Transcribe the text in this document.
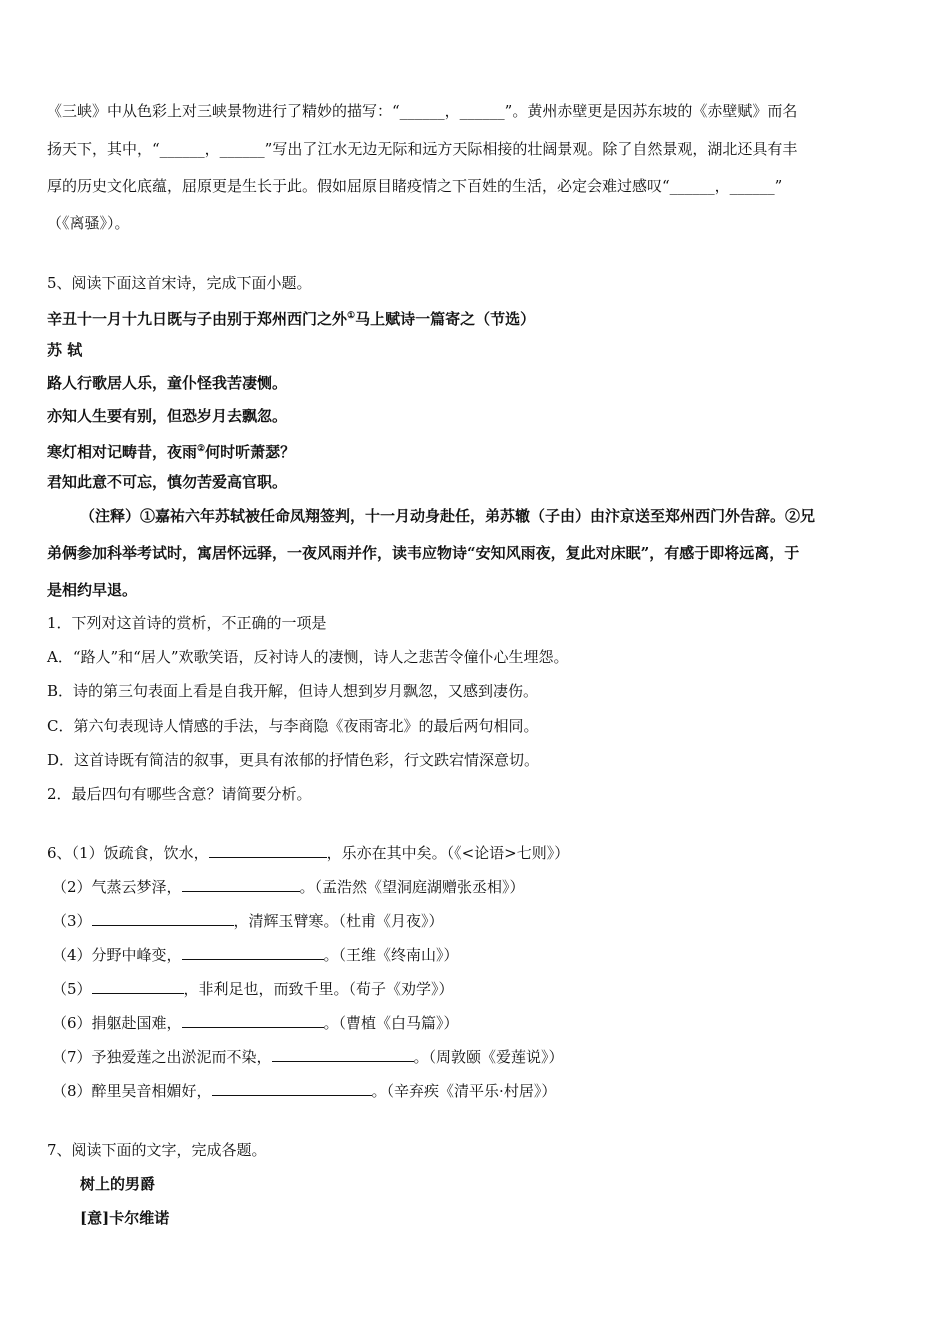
《三峡》中从色彩上对三峡景物进行了精妙的描写：“______，______”。黄州赤壁更是因苏东坡的《赤壁赋》而名
扬天下，其中，“______，______”写出了江水无边无际和远方天际相接的壮阔景观。除了自然景观，湖北还具有丰
厚的历史文化底蕴，屈原更是生长于此。假如屈原目睹疫情之下百姓的生活，必定会难过感叹“______，______”
（《离骚》）。
5、阅读下面这首宋诗，完成下面小题。
辛丑十一月十九日既与子由别于郑州西门之外①马上赋诗一篇寄之（节选）
苏 轼
路人行歌居人乐，童仆怪我苦凄恻。
亦知人生要有别，但恐岁月去飘忽。
寒灯相对记畴昔，夜雨②何时听萧瑟？
君知此意不可忘，慎勿苦爱高官职。
（注释）①嘉祐六年苏轼被任命凤翔签判，十一月动身赴任，弟苏辙（子由）由汴京送至郑州西门外告辞。②兄
弟俩参加科举考试时，寓居怀远驿，一夜风雨并作，读韦应物诗“安知风雨夜，复此对床眠”，有感于即将远离，于
是相约早退。
1．下列对这首诗的赏析，不正确的一项是
A．“路人”和“居人”欢歌笑语，反衬诗人的凄恻，诗人之悲苦令僮仆心生埋怨。
B．诗的第三句表面上看是自我开解，但诗人想到岁月飘忽，又感到凄伤。
C．第六句表现诗人情感的手法，与李商隐《夜雨寄北》的最后两句相同。
D．这首诗既有简洁的叙事，更具有浓郁的抒情色彩，行文跌宕情深意切。
2．最后四句有哪些含意？请简要分析。
6、（1）饭疏食，饮水，	，乐亦在其中矣。（《<论语>七则》）
（2）气蒸云梦泽，	。（孟浩然《望洞庭湖赠张丞相》）
（3）	，清辉玉臂寒。（杜甫《月夜》）
（4）分野中峰变，	。（王维《终南山》）
（5）	，非利足也，而致千里。（荀子《劝学》）
（6）捐躯赴国难，	。（曹植《白马篇》）
（7）予独爱莲之出淤泥而不染，	。（周敦颐《爱莲说》）
（8）醉里吴音相媚好，	。（辛弃疾《清平乐·村居》）
7、阅读下面的文字，完成各题。
树上的男爵
[意]卡尔维诺
